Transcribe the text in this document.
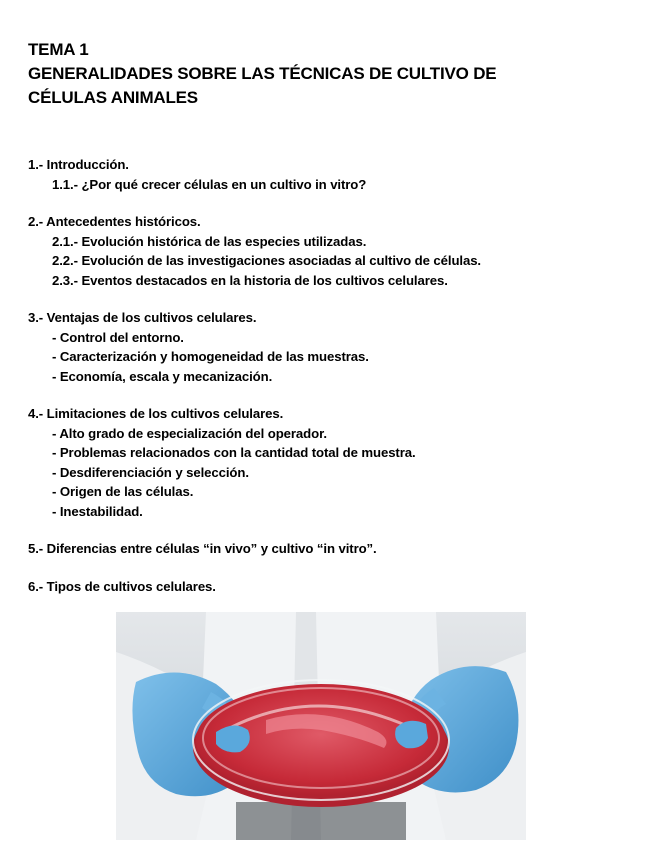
TEMA 1
GENERALIDADES SOBRE LAS TÉCNICAS DE CULTIVO DE
CÉLULAS ANIMALES
1.- Introducción.
1.1.- ¿Por qué crecer células en un cultivo in vitro?
2.- Antecedentes históricos.
2.1.- Evolución histórica de las especies utilizadas.
2.2.- Evolución de las investigaciones asociadas al cultivo de células.
2.3.- Eventos destacados en la historia de los cultivos celulares.
3.- Ventajas de los cultivos celulares.
- Control del entorno.
- Caracterización y homogeneidad de las muestras.
- Economía, escala y mecanización.
4.- Limitaciones de los cultivos celulares.
- Alto grado de especialización del operador.
- Problemas relacionados con la cantidad total de muestra.
- Desdiferenciación y selección.
- Origen de las células.
- Inestabilidad.
5.- Diferencias entre células “in vivo” y cultivo “in vitro”.
6.- Tipos de cultivos celulares.
